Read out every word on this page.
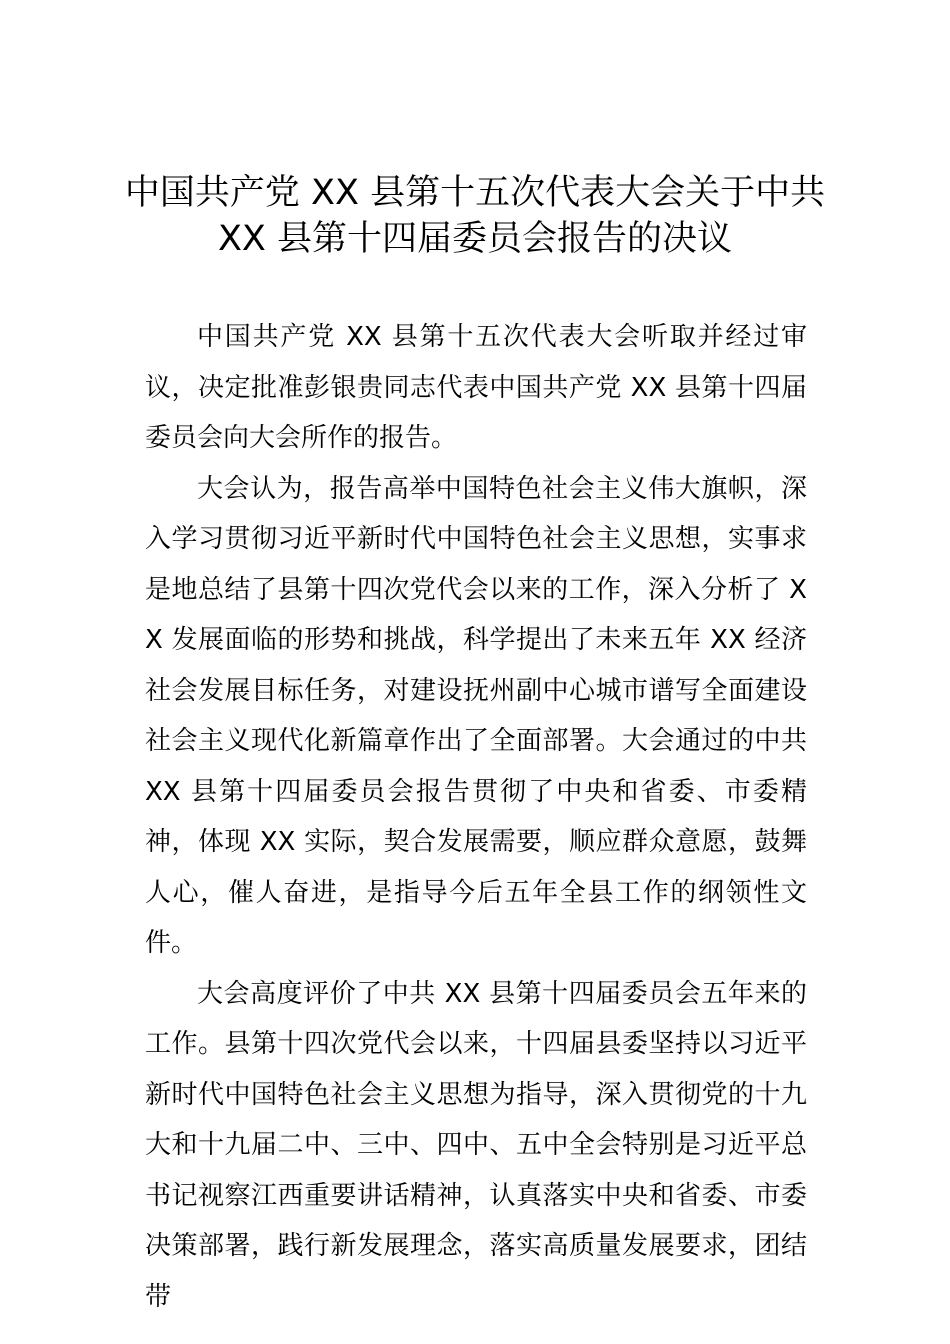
中国共产党 XX 县第十五次代表大会关于中共
XX 县第十四届委员会报告的决议

中国共产党 XX 县第十五次代表大会听取并经过审议，决定批准彭银贵同志代表中国共产党 XX 县第十四届委员会向大会所作的报告。

大会认为，报告高举中国特色社会主义伟大旗帜，深入学习贯彻习近平新时代中国特色社会主义思想，实事求是地总结了县第十四次党代会以来的工作，深入分析了 XX 发展面临的形势和挑战，科学提出了未来五年 XX 经济社会发展目标任务，对建设抚州副中心城市谱写全面建设社会主义现代化新篇章作出了全面部署。大会通过的中共 XX 县第十四届委员会报告贯彻了中央和省委、市委精神，体现 XX 实际，契合发展需要，顺应群众意愿，鼓舞人心，催人奋进，是指导今后五年全县工作的纲领性文件。

大会高度评价了中共 XX 县第十四届委员会五年来的工作。县第十四次党代会以来，十四届县委坚持以习近平新时代中国特色社会主义思想为指导，深入贯彻党的十九大和十九届二中、三中、四中、五中全会特别是习近平总书记视察江西重要讲话精神，认真落实中央和省委、市委决策部署，践行新发展理念，落实高质量发展要求，团结带
